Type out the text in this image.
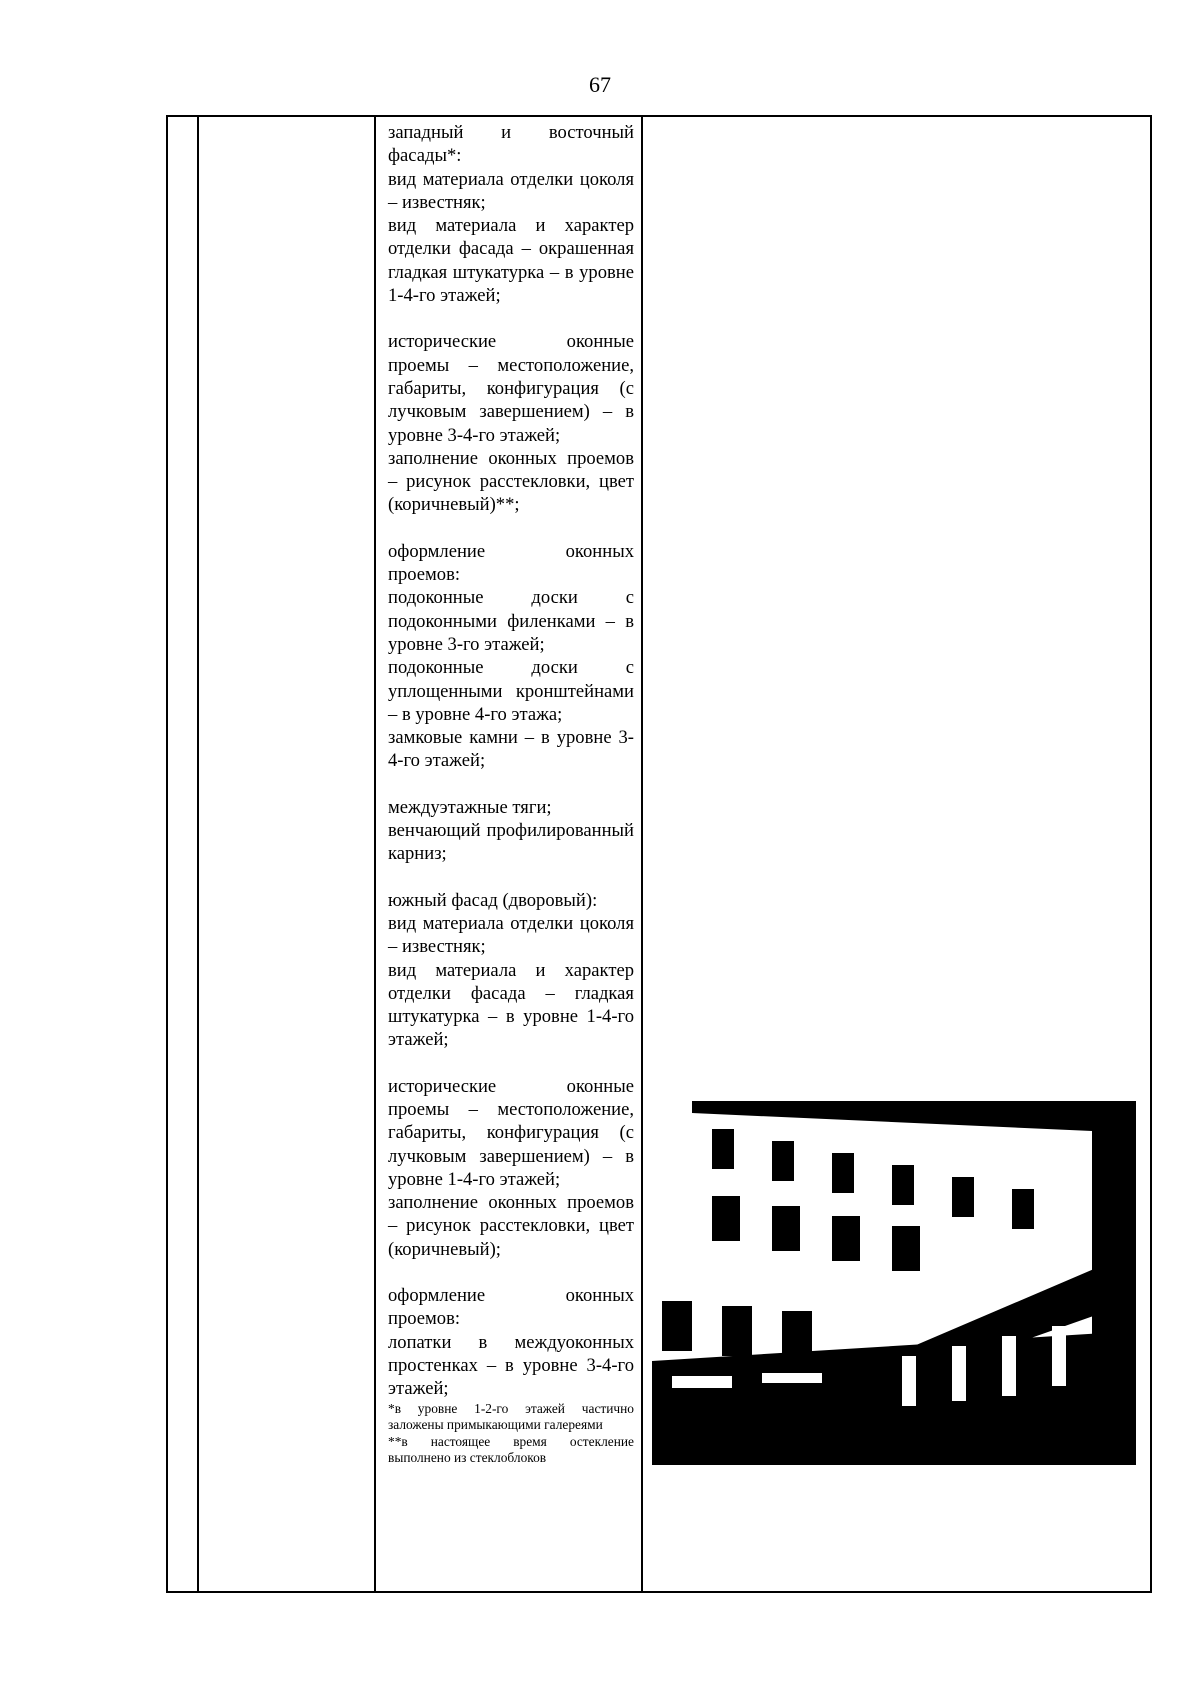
67

западный и восточный фасады*:

вид материала отделки цоколя – известняк;

вид материала и характер отделки фасада – окрашенная гладкая штукатурка – в уровне 1-4-го этажей;

исторические оконные проемы – местоположение, габариты, конфигурация (с лучковым завершением) – в уровне 3-4-го этажей;

заполнение оконных проемов – рисунок расстекловки, цвет (коричневый)**;

оформление оконных проемов:

подоконные доски с подоконными филенками – в уровне 3-го этажей;

подоконные доски с уплощенными кронштейнами – в уровне 4-го этажа;

замковые камни – в уровне 3-4-го этажей;

междуэтажные тяги;

венчающий профилированный карниз;

южный фасад (дворовый):

вид материала отделки цоколя – известняк;

вид материала и характер отделки фасада – гладкая штукатурка – в уровне 1-4-го этажей;

исторические оконные проемы – местоположение, габариты, конфигурация (с лучковым завершением) – в уровне 1-4-го этажей;

заполнение оконных проемов – рисунок расстекловки, цвет (коричневый);

оформление оконных проемов:

лопатки в междуоконных простенках – в уровне 3-4-го этажей;

*в уровне 1-2-го этажей частично заложены примыкающими галереями

**в настоящее время остекление выполнено из стеклоблоков
